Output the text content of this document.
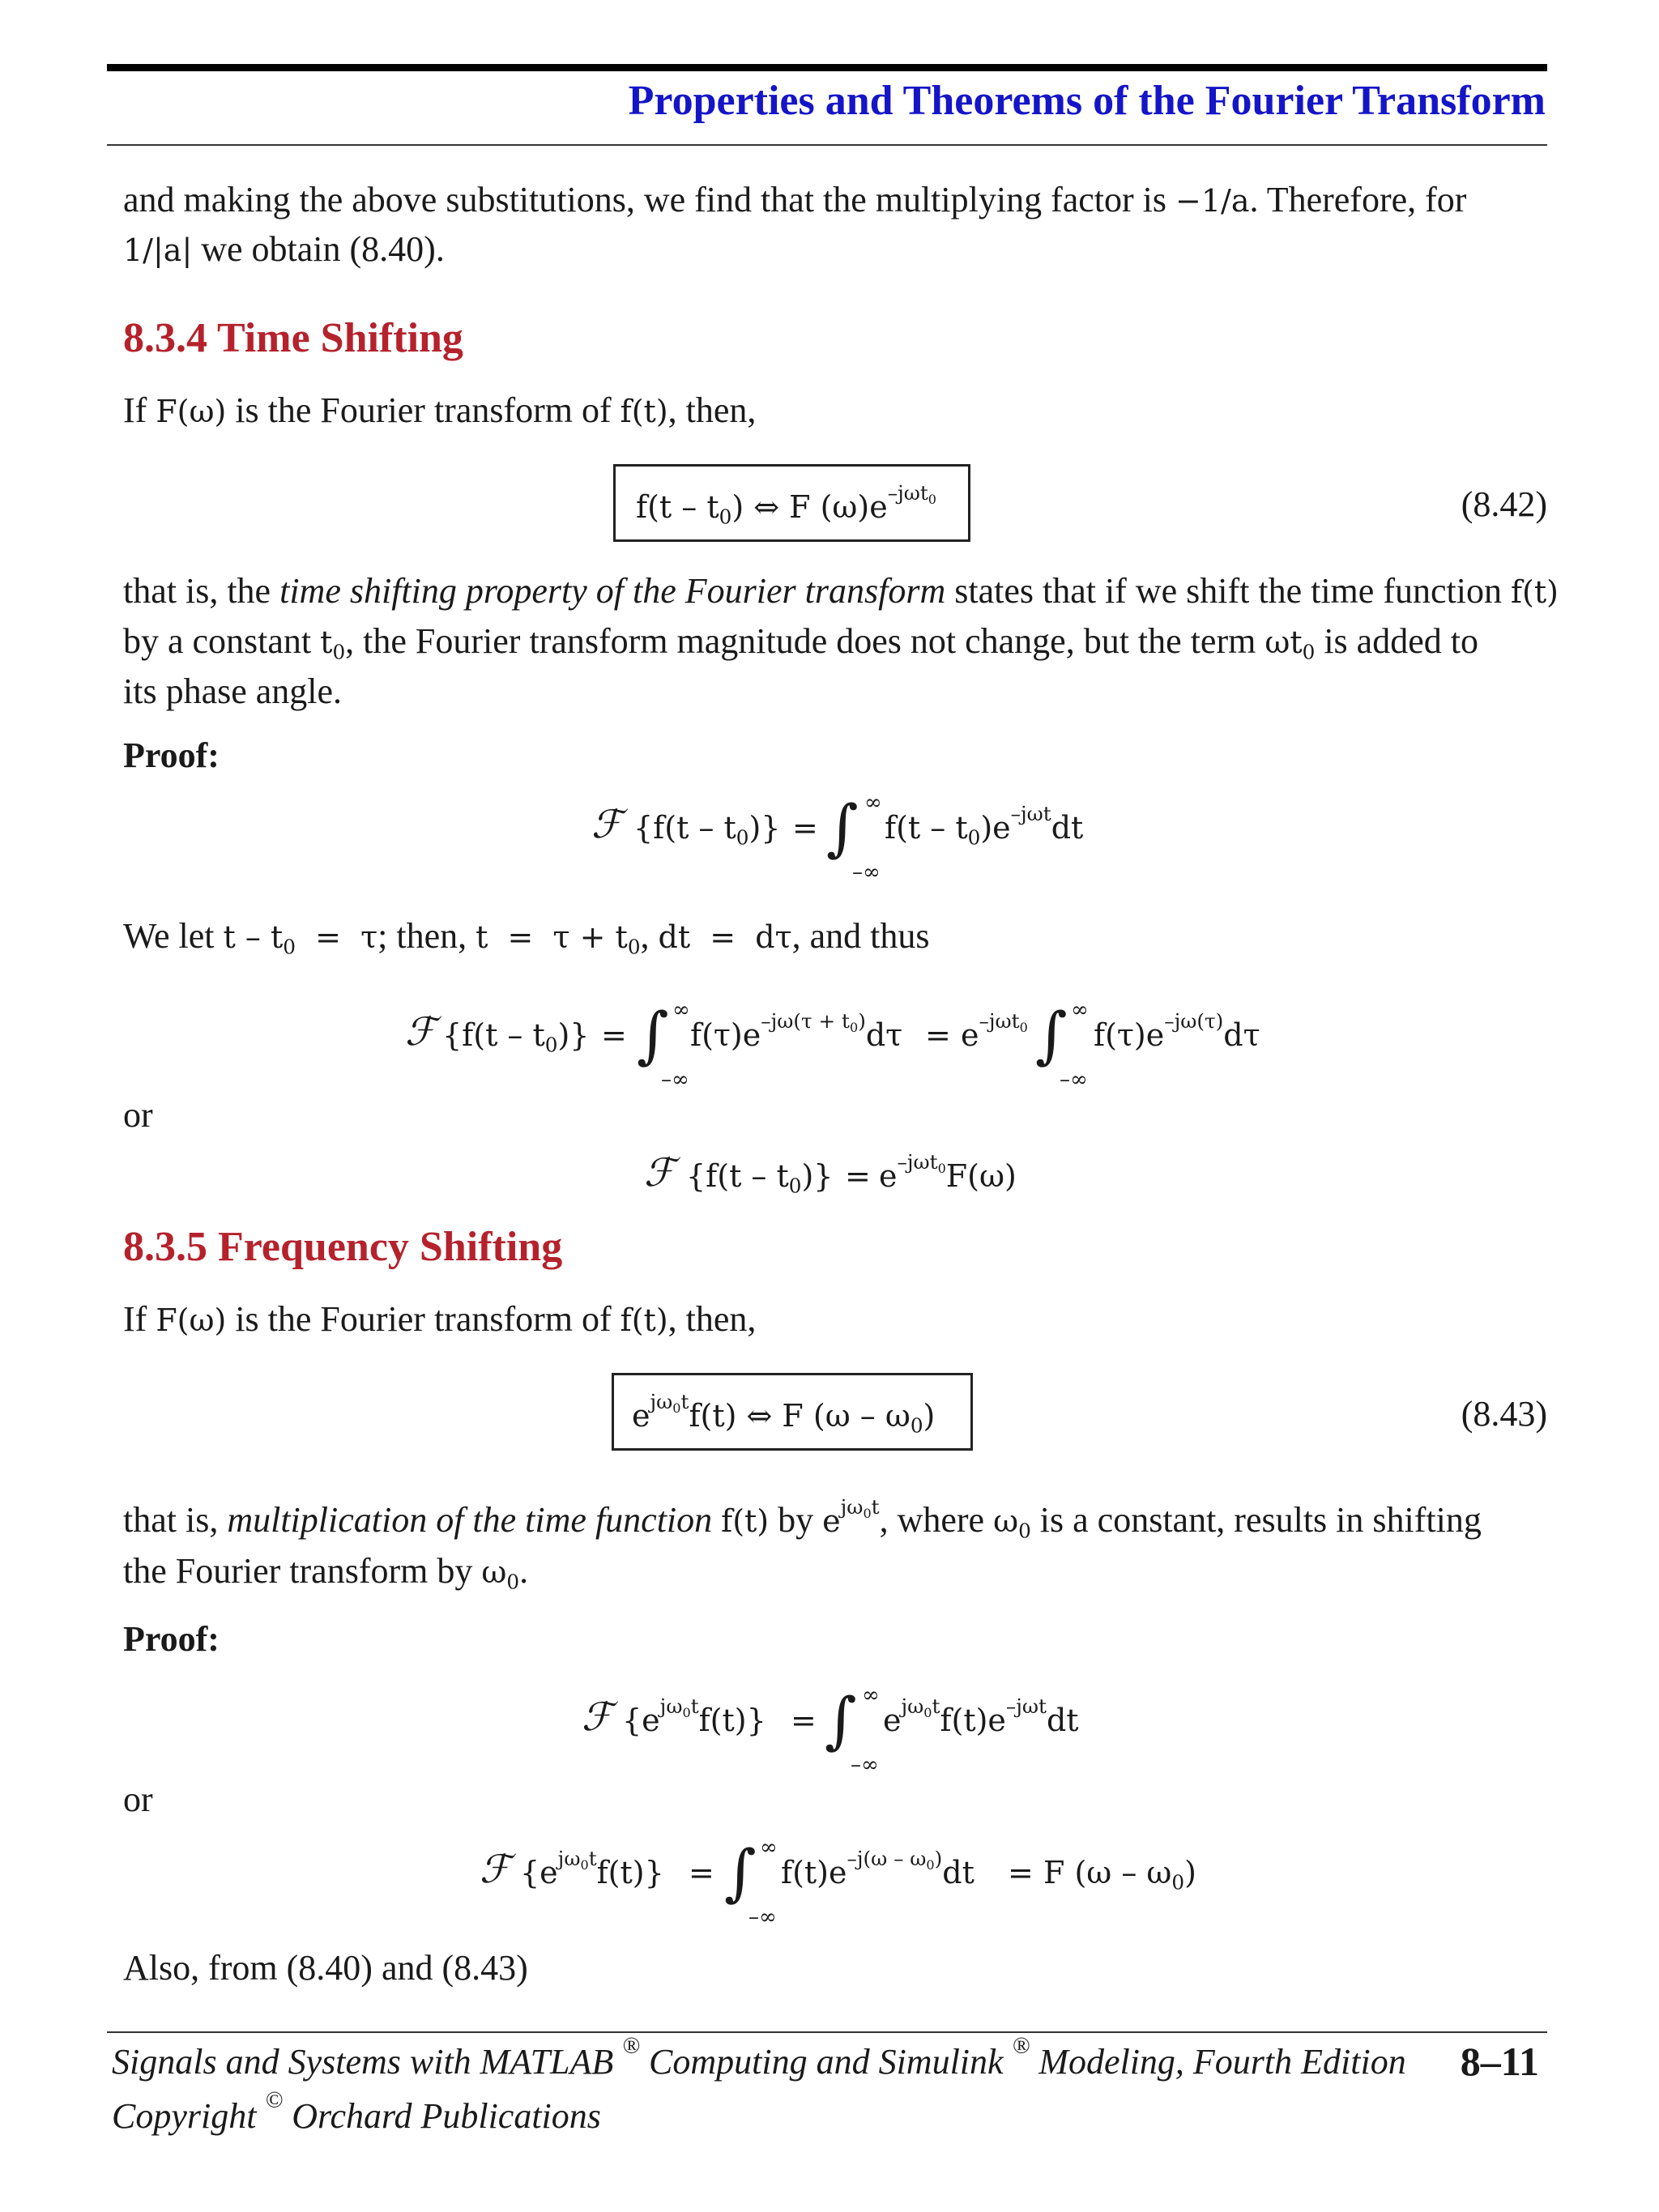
Properties and Theorems of the Fourier Transform
and making the above substitutions, we find that the multiplying factor is −1/a. Therefore, for
1/|a| we obtain (8.40).
8.3.4 Time Shifting
If F(ω) is the Fourier transform of f(t), then,
$f(t - t_0)$ ⇔ F $(\omega)e^{-j\omega t_0}$	(8.42)
that is, the time shifting property of the Fourier transform states that if we shift the time function f(t)
by a constant $t_0$, the Fourier transform magnitude does not change, but the term $\omega t_0$ is added to
its phase angle.
Proof:
ℱ $\{f(t - t_0)\}$ = ∫ ∞
–∞
$f(t - t_0)e^{-j\omega t}dt$
We let $t - t_0 = \tau$; then, $t = \tau + t_0$, dt  =  dτ, and thus
ℱ $\{f(t - t_0)\}$ = ∫ ∞
–∞
$f(\tau)e^{-j\omega(\tau + t_0)}d\tau = e^{-j\omega t_0}$ ∫ ∞
–∞
$f(\tau)e^{-j\omega(\tau)}d\tau$
or
ℱ $\{f(t - t_0)\} = e^{-j\omega t_0}F(\omega)$
8.3.5 Frequency Shifting
If F(ω) is the Fourier transform of f(t), then,
$e^{j\omega_0t}f(t)$ ⇔ F $(\omega - \omega_0)$	(8.43)
that is, multiplication of the time function f(t) by $e^{j\omega_0t}$, where $\omega_0$ is a constant, results in shifting
the Fourier transform by $\omega_0$.
Proof:
ℱ $\{e^{j\omega_0t}f(t)\}$ = ∫ ∞
–∞
$e^{j\omega_0t}f(t)e^{-j\omega t}dt$
or
ℱ $\{e^{j\omega_0t}f(t)\}$ = ∫ ∞
–∞
$f(t)e^{-j(\omega - \omega_0)}dt = F$ $(\omega - \omega_0)$
Also, from (8.40) and (8.43)
Signals and Systems with MATLAB ® Computing and Simulink ® Modeling, Fourth Edition
Copyright © Orchard Publications
8–11
